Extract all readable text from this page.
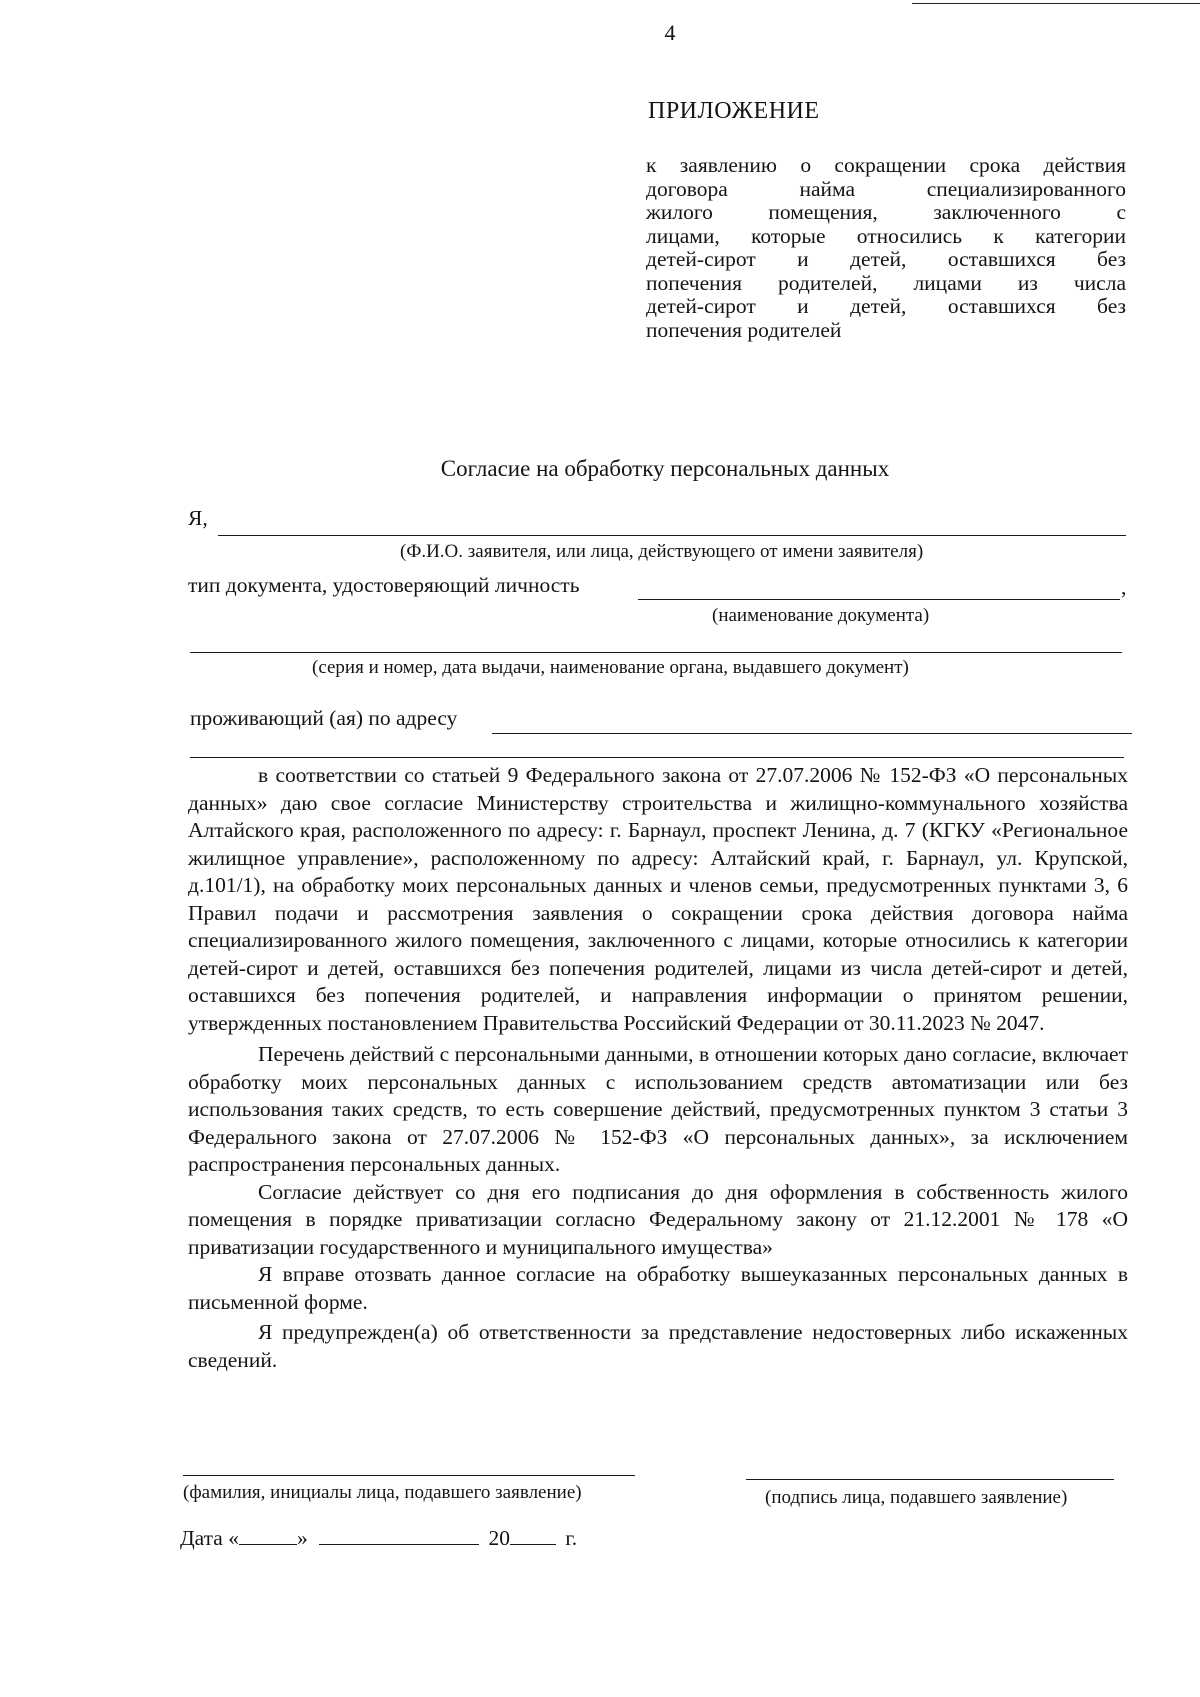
4
ПРИЛОЖЕНИЕ
к заявлению о сокращении срока действия
договора найма специализированного
жилого помещения, заключенного с
лицами, которые относились к категории
детей-сирот и детей, оставшихся без
попечения родителей, лицами из числа
детей-сирот и детей, оставшихся без
попечения родителей
Согласие на обработку персональных данных
Я,
(Ф.И.О. заявителя, или лица, действующего от имени заявителя)
тип документа, удостоверяющий личность	,
(наименование документа)
(серия и номер, дата выдачи, наименование органа, выдавшего документ)
проживающий (ая) по адресу

в соответствии со статьей 9 Федерального закона от 27.07.2006 № 152-ФЗ «О персональных данных» даю свое согласие Министерству строительства и жилищно-коммунального хозяйства Алтайского края, расположенного по адресу: г. Барнаул, проспект Ленина, д. 7 (КГКУ «Региональное жилищное управление», расположенному по адресу: Алтайский край, г. Барнаул, ул. Крупской, д.101/1), на обработку моих персональных данных и членов семьи, предусмотренных пунктами 3, 6 Правил подачи и рассмотрения заявления о сокращении срока действия договора найма специализированного жилого помещения, заключенного с лицами, которые относились к категории детей-сирот и детей, оставшихся без попечения родителей, лицами из числа детей-сирот и детей, оставшихся без попечения родителей, и направления информации о принятом решении, утвержденных постановлением Правительства Российский Федерации от 30.11.2023 № 2047.

Перечень действий с персональными данными, в отношении которых дано согласие, включает обработку моих персональных данных с использованием средств автоматизации или без использования таких средств, то есть совершение действий, предусмотренных пунктом 3 статьи 3 Федерального закона от 27.07.2006 № 152-ФЗ «О персональных данных», за исключением распространения персональных данных.

Согласие действует со дня его подписания до дня оформления в собственность жилого помещения в порядке приватизации согласно Федеральному закону от 21.12.2001 № 178 «О приватизации государственного и муниципального имущества»

Я вправе отозвать данное согласие на обработку вышеуказанных персональных данных в письменной форме.

Я предупрежден(а) об ответственности за представление недостоверных либо искаженных сведений.

(фамилия, инициалы лица, подавшего заявление)	(подпись лица, подавшего заявление)
Дата «	»	20	г.
